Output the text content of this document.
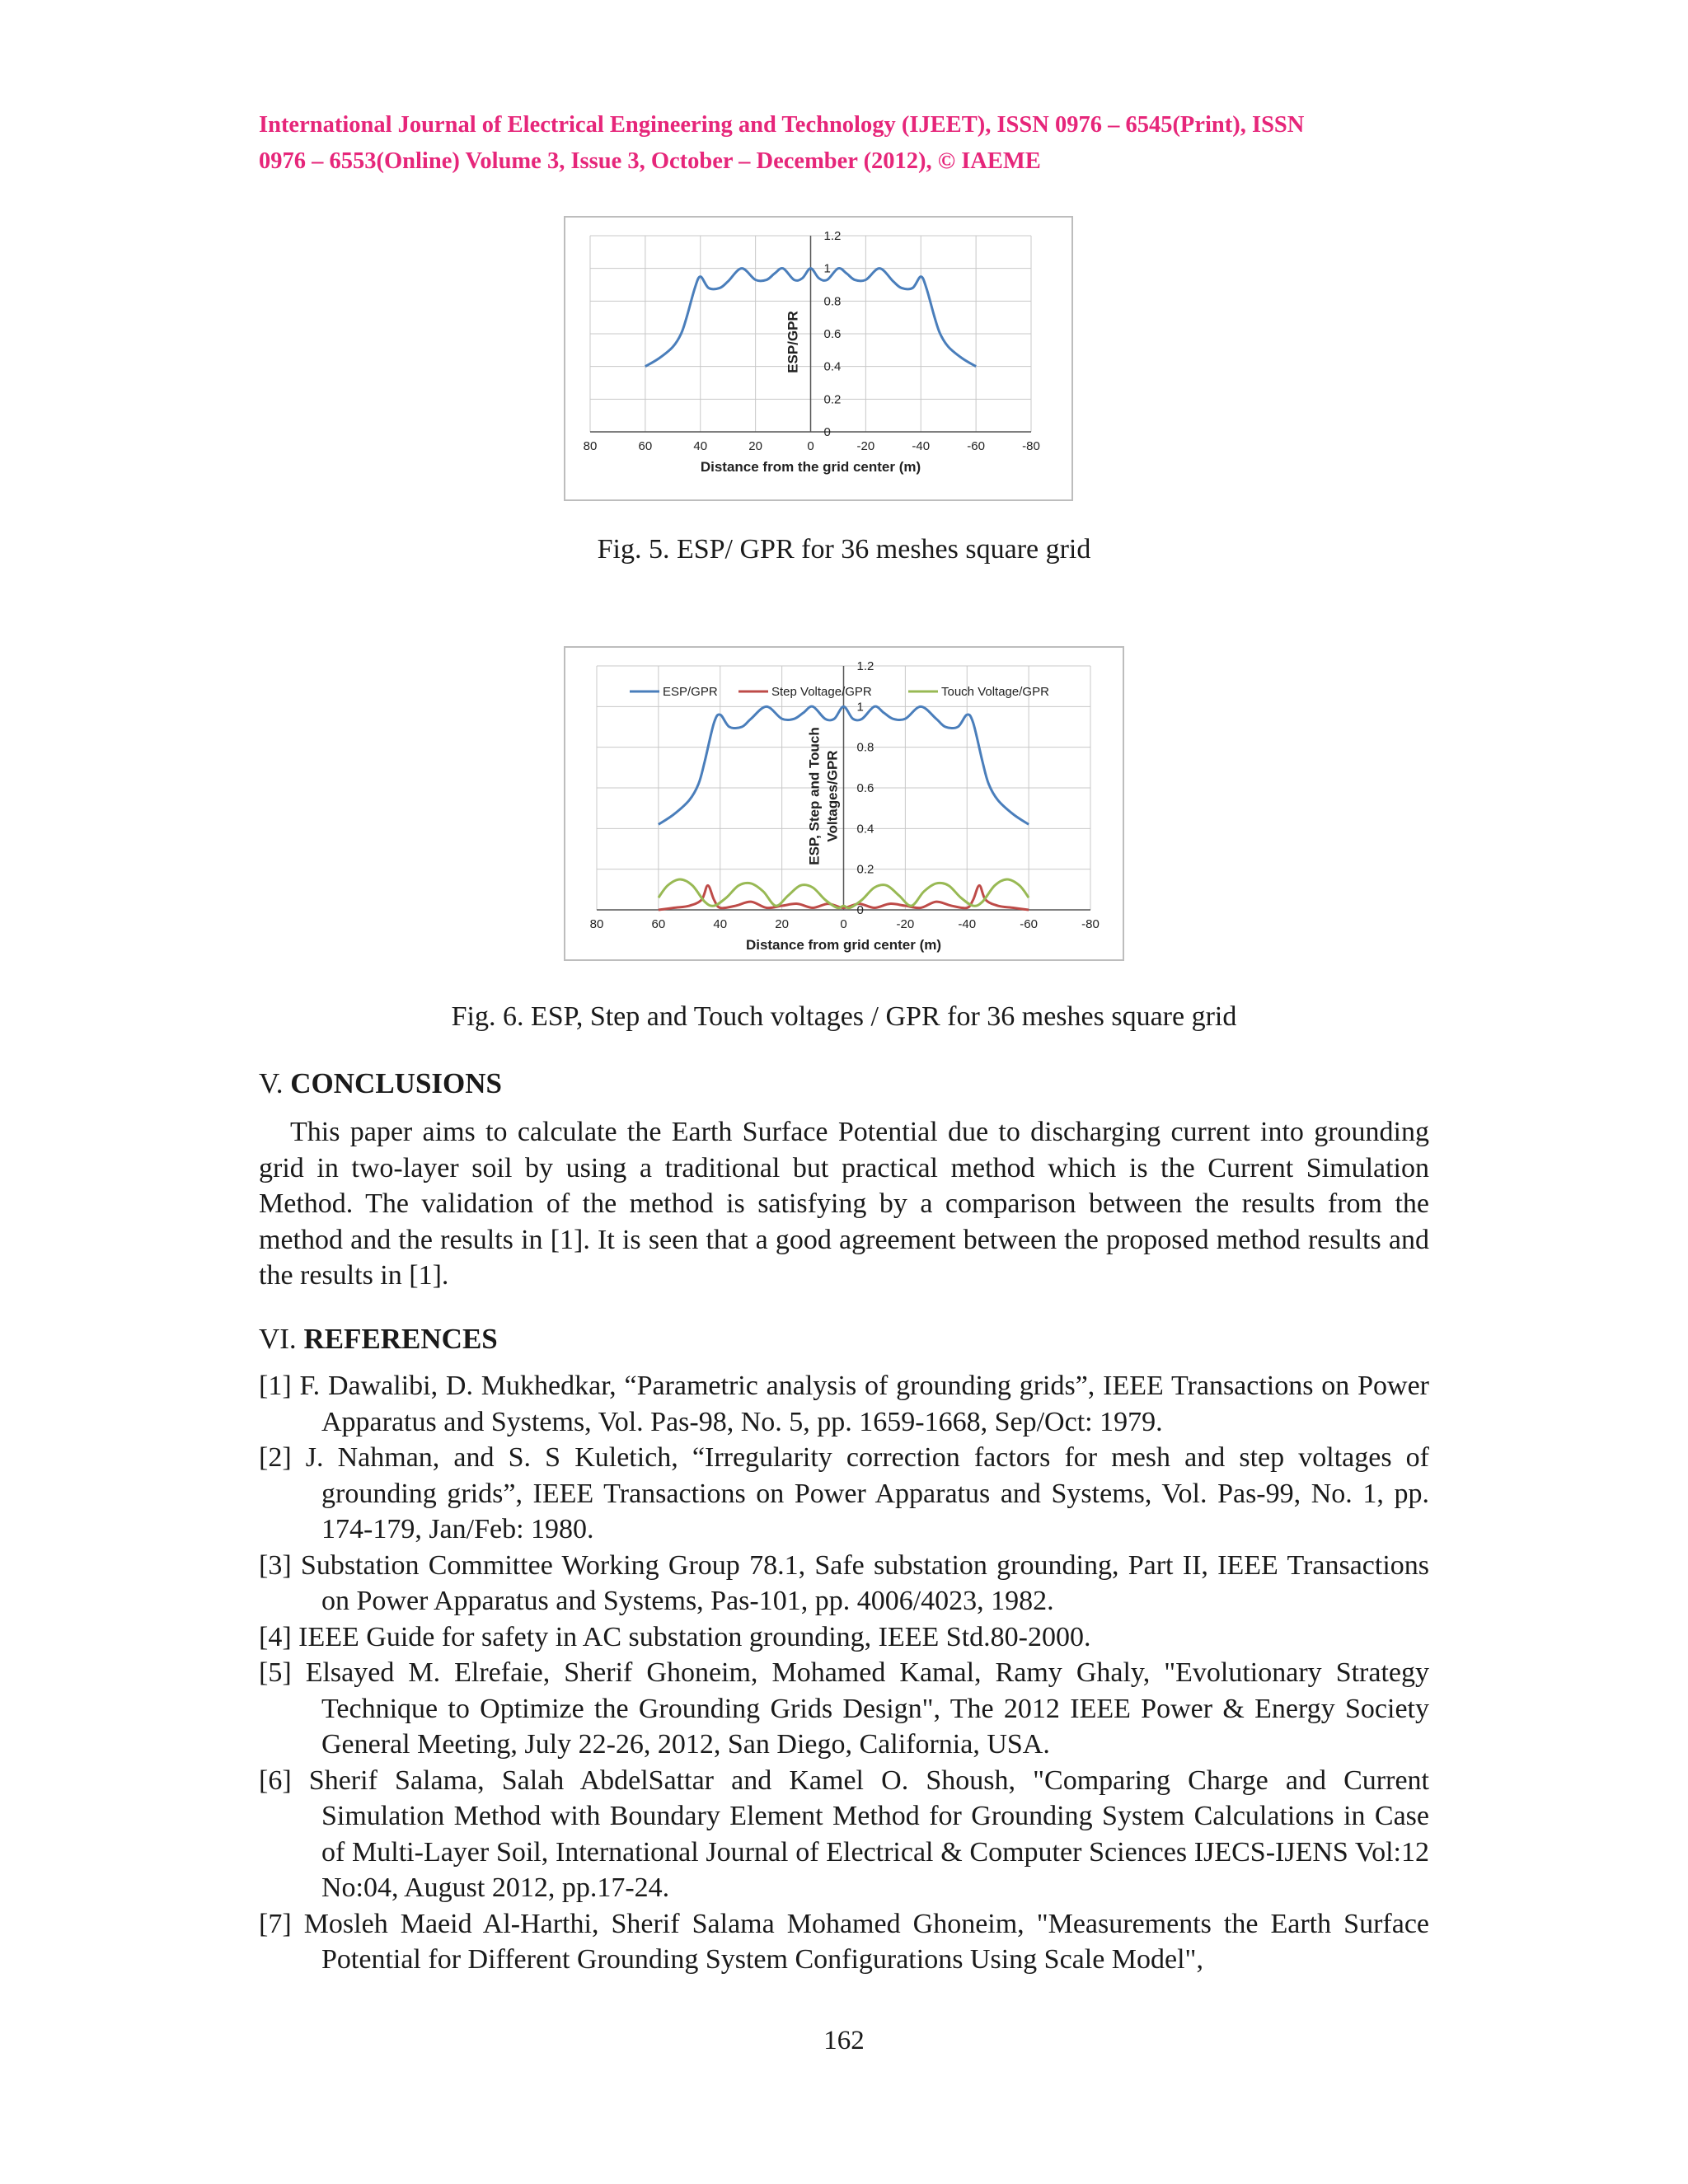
International Journal of Electrical Engineering and Technology (IJEET), ISSN 0976 – 6545(Print), ISSN
0976 – 6553(Online) Volume 3, Issue 3, October – December (2012), © IAEME
80	60	40	20	0	-20	-40	-60	-80
0
0.2
0.4
0.6
0.8
1
1.2
Distance from the grid center (m)
ESP/GPR
Fig. 5. ESP/ GPR for 36 meshes square grid
80	60	40	20	0	-20	-40	-60	-80
0
0.2
0.4
0.6
0.8
1
1.2
Distance from grid center (m)
ESP, Step and Touch Voltages/GPR
ESP/GPR	Step Voltage/GPR	Touch Voltage/GPR
Fig. 6. ESP, Step and Touch voltages / GPR for 36 meshes square grid
V. CONCLUSIONS
This paper aims to calculate the Earth Surface Potential due to discharging current into grounding grid in two-layer soil by using a traditional but practical method which is the Current Simulation Method. The validation of the method is satisfying by a comparison between the results from the method and the results in [1]. It is seen that a good agreement between the proposed method results and the results in [1].
VI. REFERENCES

[1] F. Dawalibi, D. Mukhedkar, “Parametric analysis of grounding grids”, IEEE Transactions on Power Apparatus and Systems, Vol. Pas-98, No. 5, pp. 1659-1668, Sep/Oct: 1979.

[2] J. Nahman, and S. S Kuletich, “Irregularity correction factors for mesh and step voltages of grounding grids”, IEEE Transactions on Power Apparatus and Systems, Vol. Pas-99, No. 1, pp. 174-179, Jan/Feb: 1980.

[3] Substation Committee Working Group 78.1, Safe substation grounding, Part II, IEEE Transactions on Power Apparatus and Systems, Pas-101, pp. 4006/4023, 1982.

[4] IEEE Guide for safety in AC substation grounding, IEEE Std.80-2000.

[5] Elsayed M. Elrefaie, Sherif Ghoneim, Mohamed Kamal, Ramy Ghaly, "Evolutionary Strategy Technique to Optimize the Grounding Grids Design", The 2012 IEEE Power & Energy Society General Meeting, July 22-26, 2012, San Diego, California, USA.

[6] Sherif Salama, Salah AbdelSattar and Kamel O. Shoush, "Comparing Charge and Current Simulation Method with Boundary Element Method for Grounding System Calculations in Case of Multi-Layer Soil, International Journal of Electrical & Computer Sciences IJECS-IJENS Vol:12 No:04, August 2012, pp.17-24.

[7] Mosleh Maeid Al-Harthi, Sherif Salama Mohamed Ghoneim, "Measurements the Earth Surface Potential for Different Grounding System Configurations Using Scale Model",

162
